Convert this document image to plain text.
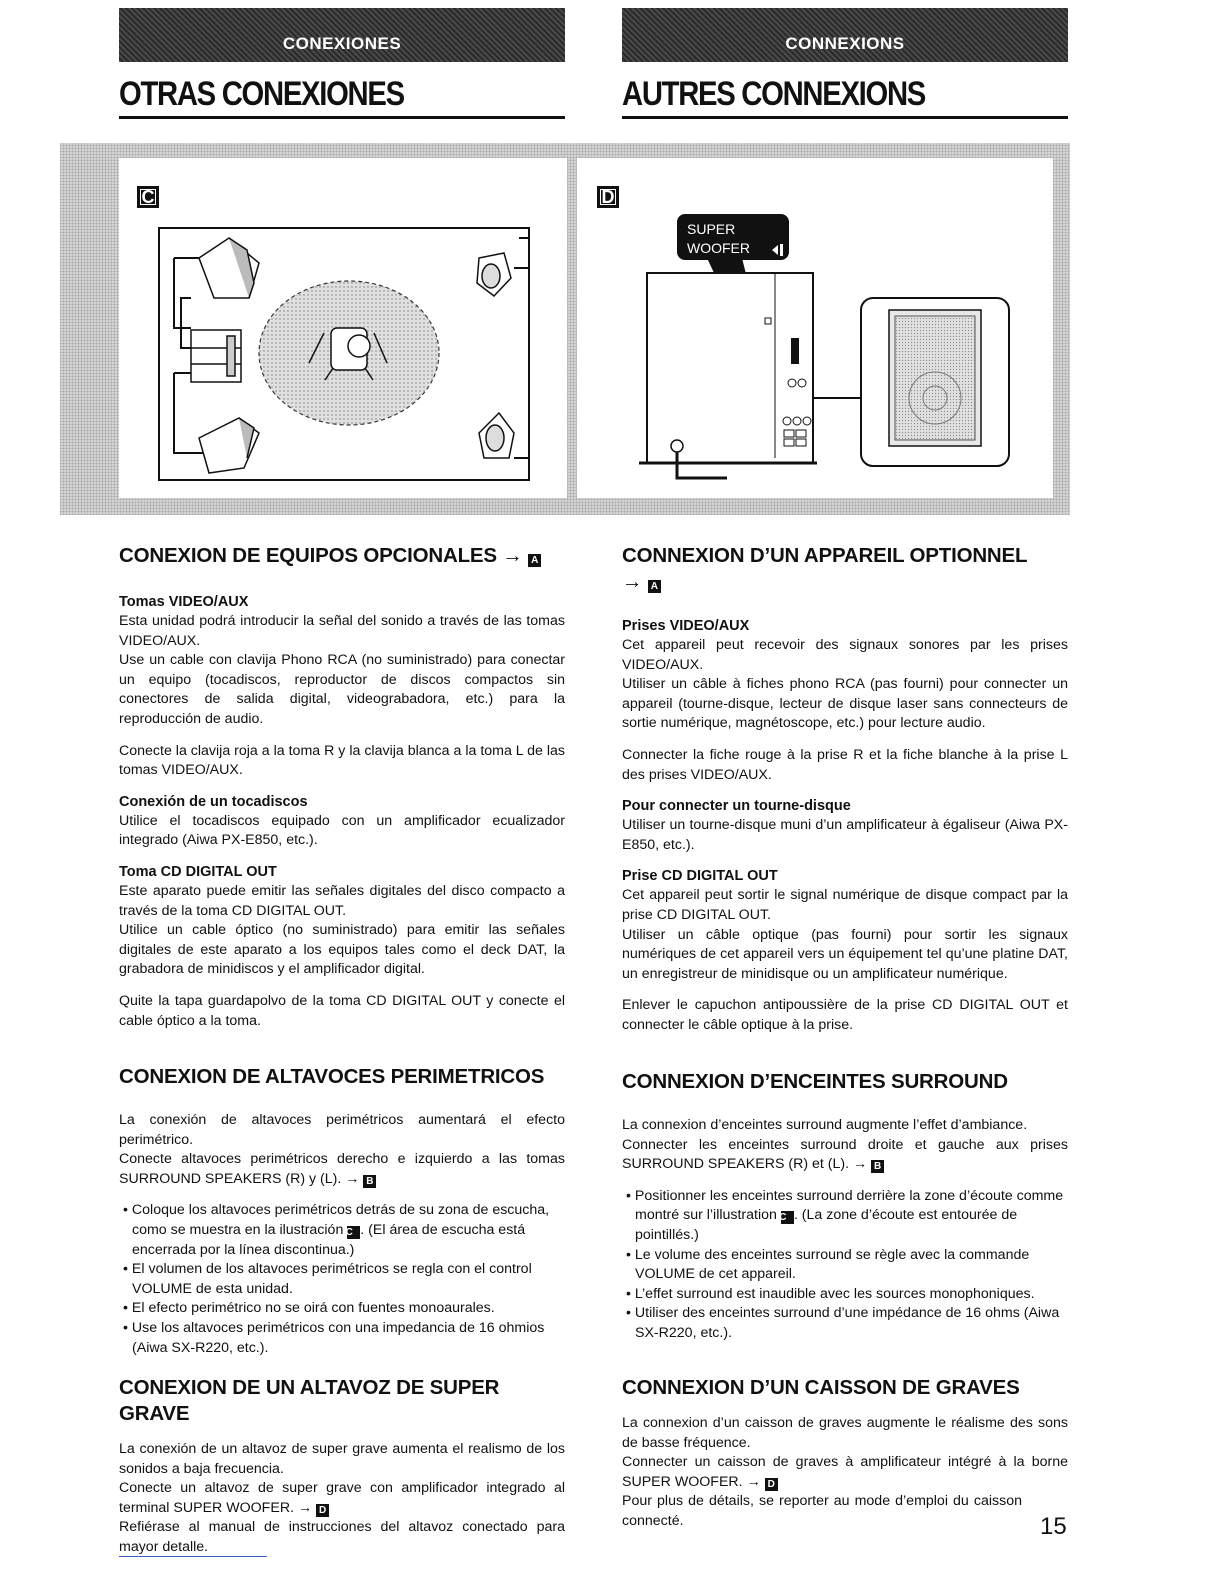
CONEXIONES
OTRAS CONEXIONES
CONNEXIONS
AUTRES CONNEXIONS
C	D
SUPER
WOOFER
CONEXION DE EQUIPOS OPCIONALES → A
Tomas VIDEO/AUX
Esta unidad podrá introducir la señal del sonido a través de las tomas VIDEO/AUX.
Use un cable con clavija Phono RCA (no suministrado) para conectar un equipo (tocadiscos, reproductor de discos compactos sin conectores de salida digital, videograbadora, etc.) para la reproducción de audio.
Conecte la clavija roja a la toma R y la clavija blanca a la toma L de las tomas VIDEO/AUX.
Conexión de un tocadiscos
Utilice el tocadiscos equipado con un amplificador ecualizador integrado (Aiwa PX-E850, etc.).
Toma CD DIGITAL OUT
Este aparato puede emitir las señales digitales del disco compacto a través de la toma CD DIGITAL OUT.
Utilice un cable óptico (no suministrado) para emitir las señales digitales de este aparato a los equipos tales como el deck DAT, la grabadora de minidiscos y el amplificador digital.
Quite la tapa guardapolvo de la toma CD DIGITAL OUT y conecte el cable óptico a la toma.
CONEXION DE ALTAVOCES PERIMETRICOS
La conexión de altavoces perimétricos aumentará el efecto perimétrico.
Conecte altavoces perimétricos derecho e izquierdo a las tomas SURROUND SPEAKERS (R) y (L). → B
• Coloque los altavoces perimétricos detrás de su zona de escucha, como se muestra en la ilustración C . (El área de escucha está encerrada por la línea discontinua.)
• El volumen de los altavoces perimétricos se regla con el control VOLUME de esta unidad.
• El efecto perimétrico no se oirá con fuentes monoaurales.
• Use los altavoces perimétricos con una impedancia de 16 ohmios (Aiwa SX-R220, etc.).
CONEXION DE UN ALTAVOZ DE SUPER GRAVE
La conexión de un altavoz de super grave aumenta el realismo de los sonidos a baja frecuencia.
Conecte un altavoz de super grave con amplificador integrado al terminal SUPER WOOFER. → D
Refiérase al manual de instrucciones del altavoz conectado para mayor detalle.
CONNEXION D’UN APPAREIL OPTIONNEL
→ A
Prises VIDEO/AUX
Cet appareil peut recevoir des signaux sonores par les prises VIDEO/AUX.
Utiliser un câble à fiches phono RCA (pas fourni) pour connecter un appareil (tourne-disque, lecteur de disque laser sans connecteurs de sortie numérique, magnétoscope, etc.) pour lecture audio.
Connecter la fiche rouge à la prise R et la fiche blanche à la prise L des prises VIDEO/AUX.
Pour connecter un tourne-disque
Utiliser un tourne-disque muni d’un amplificateur à égaliseur (Aiwa PX-E850, etc.).
Prise CD DIGITAL OUT
Cet appareil peut sortir le signal numérique de disque compact par la prise CD DIGITAL OUT.
Utiliser un câble optique (pas fourni) pour sortir les signaux numériques de cet appareil vers un équipement tel qu’une platine DAT, un enregistreur de minidisque ou un amplificateur numérique.
Enlever le capuchon antipoussière de la prise CD DIGITAL OUT et connecter le câble optique à la prise.
CONNEXION D’ENCEINTES SURROUND
La connexion d’enceintes surround augmente l’effet d’ambiance.
Connecter les enceintes surround droite et gauche aux prises SURROUND SPEAKERS (R) et (L). → B
• Positionner les enceintes surround derrière la zone d’écoute comme montré sur l’illustration C . (La zone d’écoute est entourée de pointillés.)
• Le volume des enceintes surround se règle avec la commande VOLUME de cet appareil.
• L’effet surround est inaudible avec les sources monophoniques.
• Utiliser des enceintes surround d’une impédance de 16 ohms (Aiwa SX-R220, etc.).
CONNEXION D’UN CAISSON DE GRAVES
La connexion d’un caisson de graves augmente le réalisme des sons de basse fréquence.
Connecter un caisson de graves à amplificateur intégré à la borne SUPER WOOFER. → D
Pour plus de détails, se reporter au mode d’emploi du caisson connecté.	15
